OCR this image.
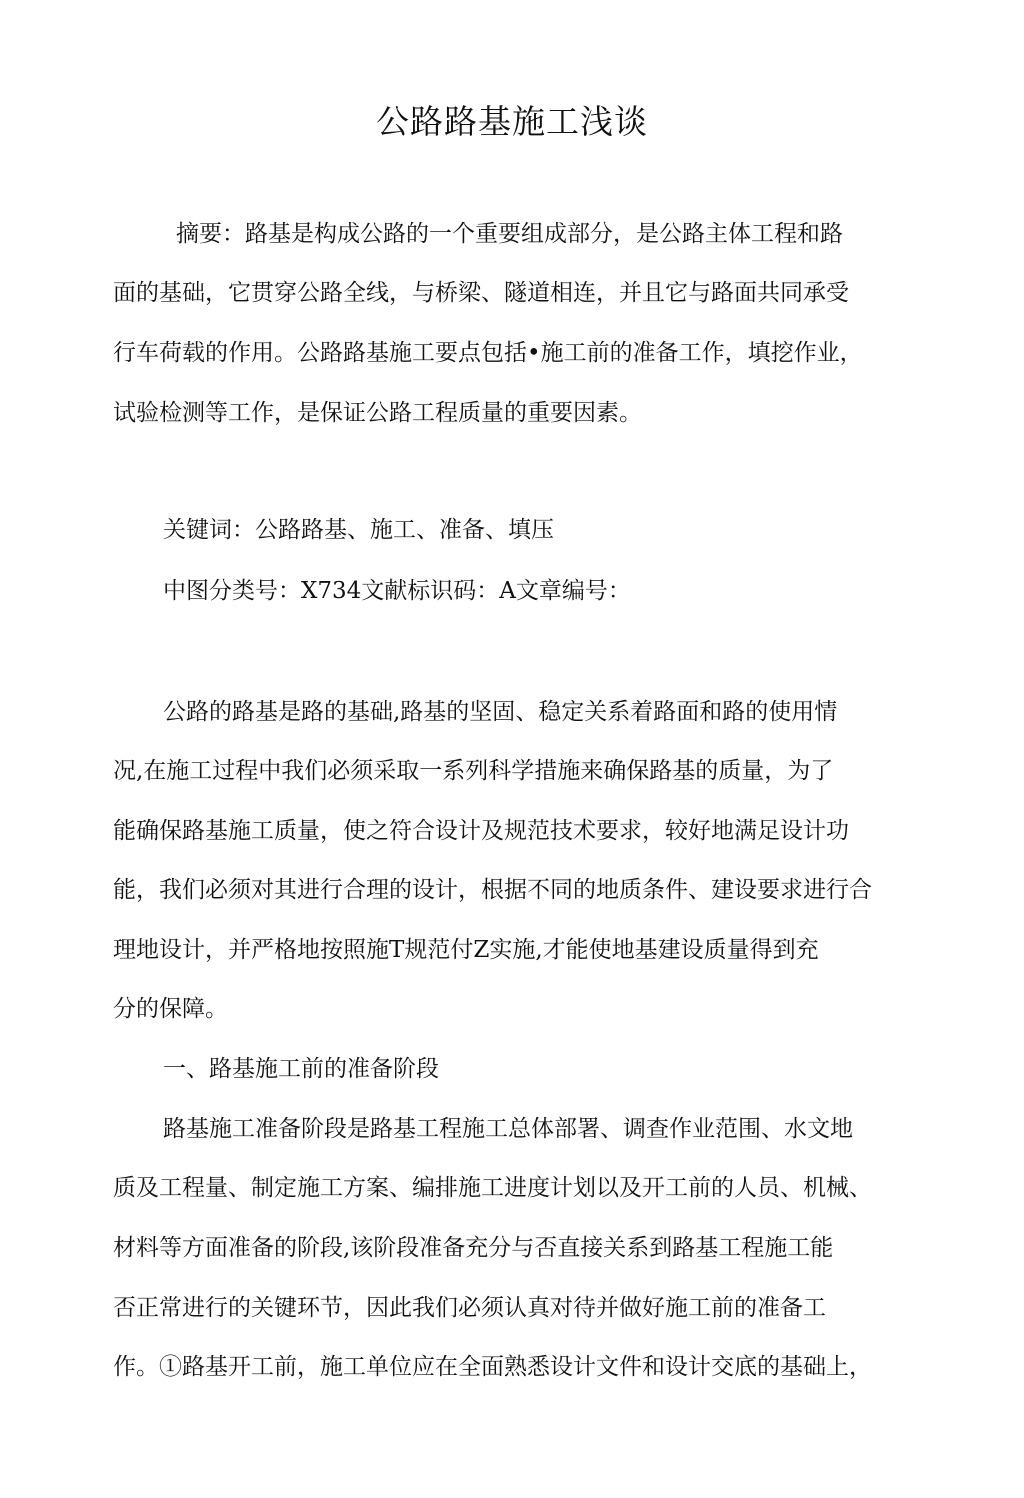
公路路基施工浅谈
摘要：路基是构成公路的一个重要组成部分，是公路主体工程和路
面的基础，它贯穿公路全线，与桥梁、隧道相连，并且它与路面共同承受
行车荷载的作用。公路路基施工要点包括•施工前的准备工作，填挖作业，
试验检测等工作，是保证公路工程质量的重要因素。
关键词：公路路基、施工、准备、填压
中图分类号：X734文献标识码：A文章编号：
公路的路基是路的基础,路基的坚固、稳定关系着路面和路的使用情
况,在施工过程中我们必须采取一系列科学措施来确保路基的质量，为了
能确保路基施工质量，使之符合设计及规范技术要求，较好地满足设计功
能，我们必须对其进行合理的设计，根据不同的地质条件、建设要求进行合
理地设计，并严格地按照施T规范付Z实施,才能使地基建设质量得到充
分的保障。
一、路基施工前的准备阶段
路基施工准备阶段是路基工程施工总体部署、调查作业范围、水文地
质及工程量、制定施工方案、编排施工进度计划以及开工前的人员、机械、
材料等方面准备的阶段,该阶段准备充分与否直接关系到路基工程施工能
否正常进行的关键环节，因此我们必须认真对待并做好施工前的准备工
作。①路基开工前，施工单位应在全面熟悉设计文件和设计交底的基础上，
